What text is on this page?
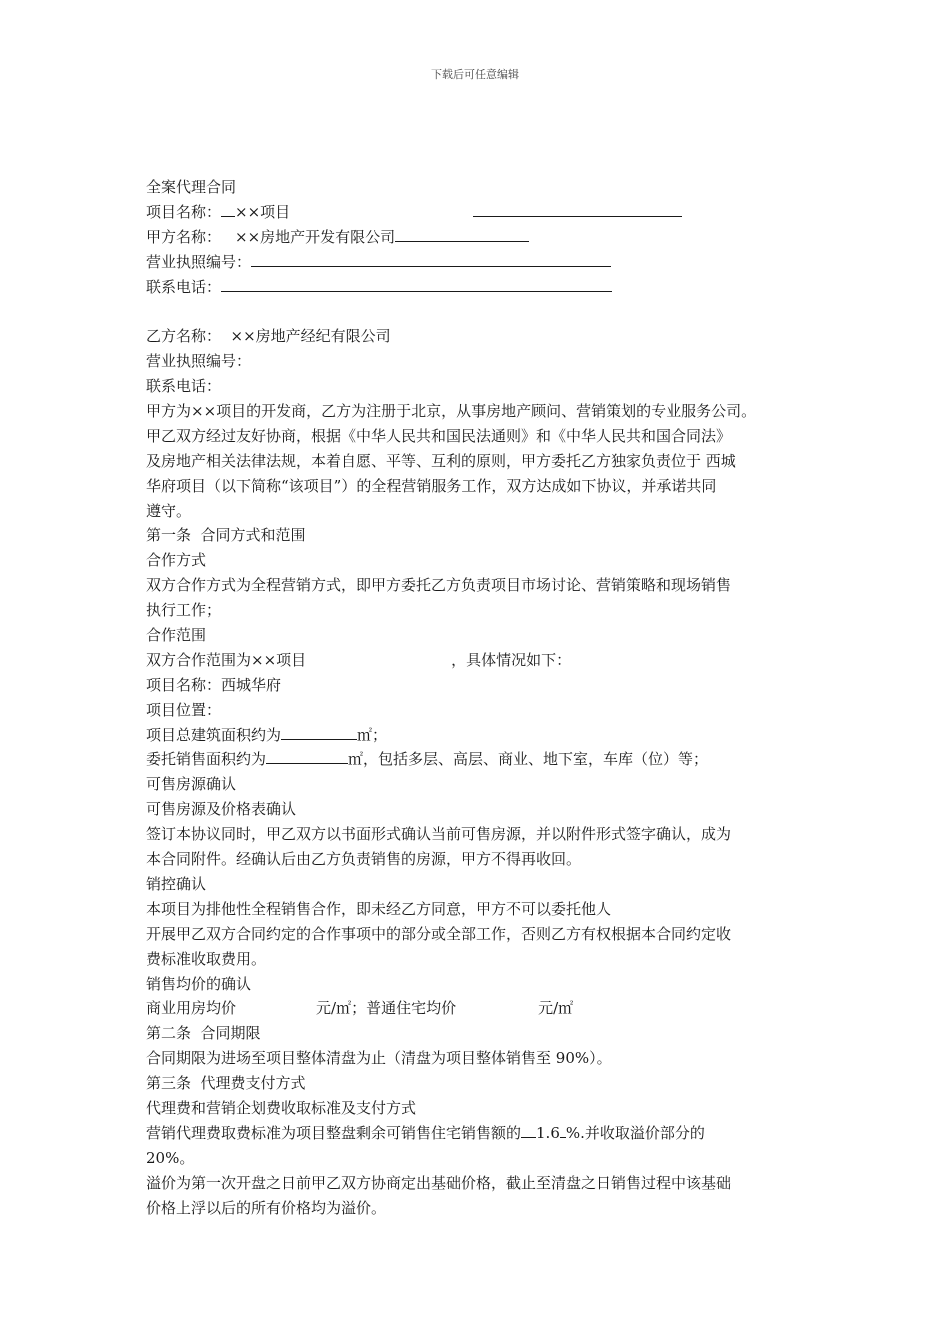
下载后可任意编辑
全案代理合同
项目名称： ××项目
甲方名称： ××房地产开发有限公司
营业执照编号：
联系电话：
乙方名称：  ××房地产经纪有限公司
营业执照编号：
联系电话：
甲方为××项目的开发商，乙方为注册于北京，从事房地产顾问、营销策划的专业服务公司。
甲乙双方经过友好协商，根据《中华人民共和国民法通则》和《中华人民共和国合同法》
及房地产相关法律法规，本着自愿、平等、互利的原则，甲方委托乙方独家负责位于 西城
华府项目（以下简称“该项目”）的全程营销服务工作，双方达成如下协议，并承诺共同
遵守。
第一条  合同方式和范围
合作方式
双方合作方式为全程营销方式，即甲方委托乙方负责项目市场讨论、营销策略和现场销售
执行工作；
合作范围
双方合作范围为××项目	，具体情况如下：
项目名称：西城华府
项目位置：
项目总建筑面积约为	㎡；
委托销售面积约为	㎡，包括多层、高层、商业、地下室，车库（位）等；
可售房源确认
可售房源及价格表确认
签订本协议同时，甲乙双方以书面形式确认当前可售房源，并以附件形式签字确认，成为
本合同附件。经确认后由乙方负责销售的房源，甲方不得再收回。
销控确认
本项目为排他性全程销售合作，即未经乙方同意，甲方不可以委托他人
开展甲乙双方合同约定的合作事项中的部分或全部工作，否则乙方有权根据本合同约定收
费标准收取费用。
销售均价的确认
商业用房均价	元/㎡；普通住宅均价	元/㎡
第二条  合同期限
合同期限为进场至项目整体清盘为止（清盘为项目整体销售至 90%）。
第三条  代理费支付方式
代理费和营销企划费收取标准及支付方式
营销代理费取费标准为项目整盘剩余可销售住宅销售额的 1.6 %.并收取溢价部分的
20%。
溢价为第一次开盘之日前甲乙双方协商定出基础价格，截止至清盘之日销售过程中该基础
价格上浮以后的所有价格均为溢价。
